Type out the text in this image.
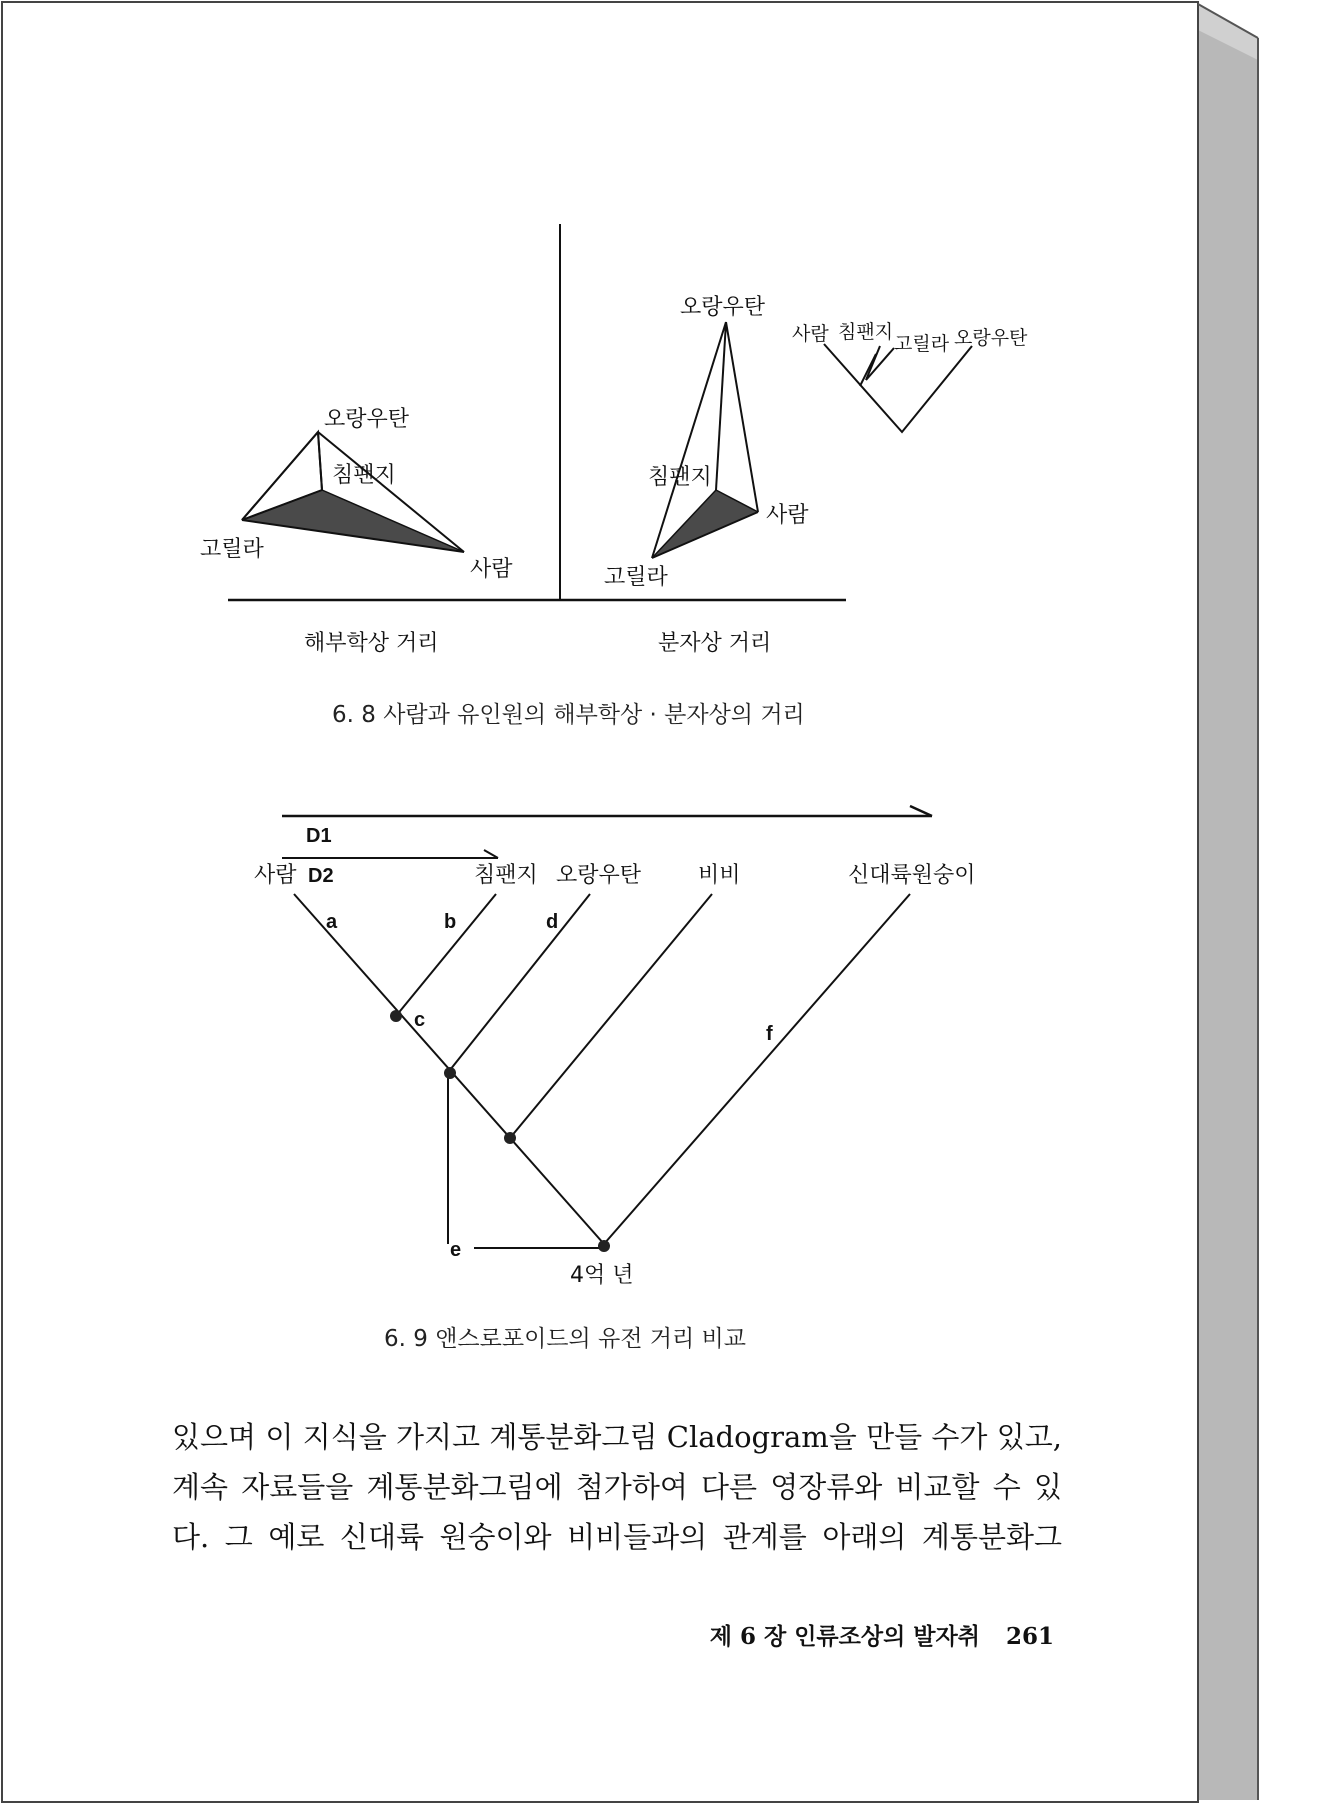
오랑우탄
침팬지
고릴라
사람
해부학상 거리
오랑우탄
침팬지
고릴라
사람
분자상 거리
사람 침팬지
고릴라 오랑우탄
6. 8 사람과 유인원의 해부학상 · 분자상의 거리
D1
D2
사람	침팬지 오랑우탄	비비	신대륙원숭이
a	b
c
d
e
f
4억 년
6. 9 앤스로포이드의 유전 거리 비교
있으며 이 지식을 가지고 계통분화그림 Cladogram을 만들 수가 있고,
계속 자료들을 계통분화그림에 첨가하여 다른 영장류와 비교할 수 있
다. 그 예로 신대륙 원숭이와 비비들과의 관계를 아래의 계통분화그
제 6 장 인류조상의 발자취 261
